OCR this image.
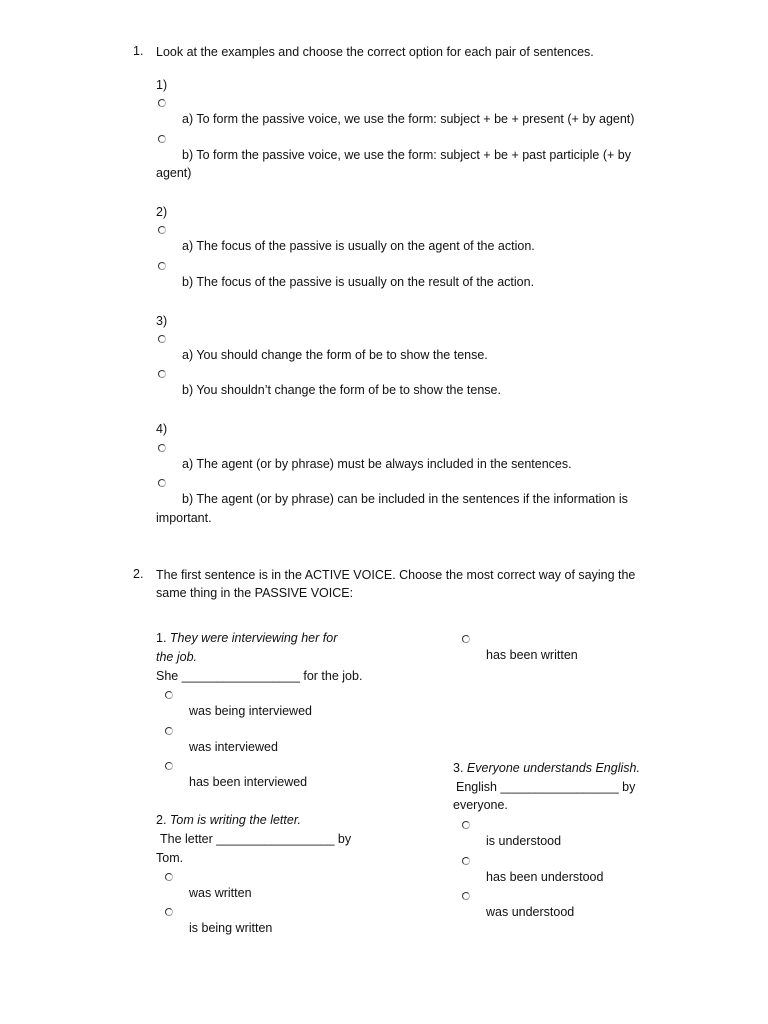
1. Look at the examples and choose the correct option for each pair of sentences.
1)
a) To form the passive voice, we use the form: subject + be + present (+ by agent)
b) To form the passive voice, we use the form: subject + be + past participle (+ by
agent)
2)
a) The focus of the passive is usually on the agent of the action.
b) The focus of the passive is usually on the result of the action.
3)
a) You should change the form of be to show the tense.
b) You shouldn’t change the form of be to show the tense.
4)
a) The agent (or by phrase) must be always included in the sentences.
b) The agent (or by phrase) can be included in the sentences if the information is
important.
2. The first sentence is in the ACTIVE VOICE. Choose the most correct way of saying the
same thing in the PASSIVE VOICE:
1. They were interviewing her for
the job.
She _________________ for the job.
was being interviewed
was interviewed
has been interviewed
2. Tom is writing the letter.
The letter _________________ by
Tom.
was written
is being written
has been written
3. Everyone understands English.
English _________________ by
everyone.
is understood
has been understood
was understood
